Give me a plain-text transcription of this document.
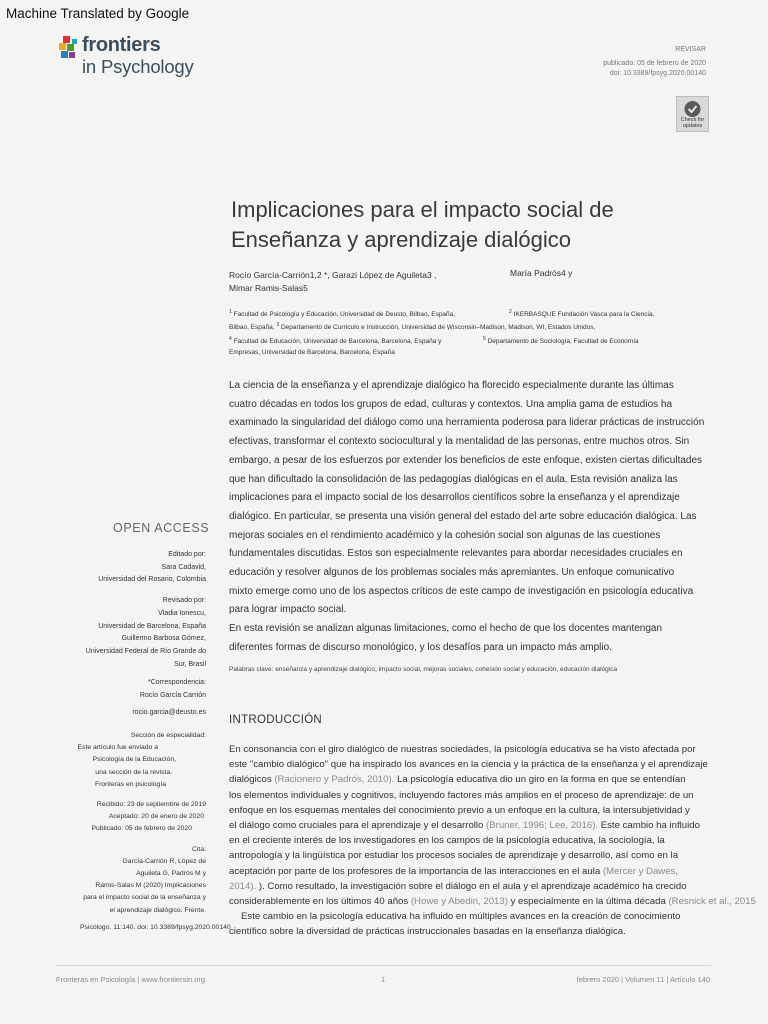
Machine Translated by Google
frontiers
in Psychology
REVISAR
publicado: 05 de febrero de 2020
doi: 10.3389/fpsyg.2020.00140
Check for updates
Implicaciones para el impacto social de
Enseñanza y aprendizaje dialógico
Rocío García-Carrión1,2 *, Garazi López de Aguileta3 ,	María Padrós4 y
Mimar Ramis-Salas5
$^1$ Facultad de Psicología y Educación, Universidad de Deusto, Bilbao, España,	$^2$ IKERBASQUE Fundación Vasca para la Ciencia,
Bilbao, España, $^3$ Departamento de Currículo e Instrucción, Universidad de Wisconsin–Madison, Madison, WI, Estados Unidos,
$^4$ Facultad de Educación, Universidad de Barcelona, Barcelona, España y	$^5$ Departamento de Sociología, Facultad de Economía
Empresas, Universidad de Barcelona, Barcelona, España

La ciencia de la enseñanza y el aprendizaje dialógico ha florecido especialmente durante las últimas

cuatro décadas en todos los grupos de edad, culturas y contextos. Una amplia gama de estudios ha

examinado la singularidad del diálogo como una herramienta poderosa para liderar prácticas de instrucción

efectivas, transformar el contexto sociocultural y la mentalidad de las personas, entre muchos otros. Sin

embargo, a pesar de los esfuerzos por extender los beneficios de este enfoque, existen ciertas dificultades

que han dificultado la consolidación de las pedagogías dialógicas en el aula. Esta revisión analiza las

implicaciones para el impacto social de los desarrollos científicos sobre la enseñanza y el aprendizaje

dialógico. En particular, se presenta una visión general del estado del arte sobre educación dialógica. Las

mejoras sociales en el rendimiento académico y la cohesión social son algunas de las cuestiones

fundamentales discutidas. Estos son especialmente relevantes para abordar necesidades cruciales en

educación y resolver algunos de los problemas sociales más apremiantes. Un enfoque comunicativo

mixto emerge como uno de los aspectos críticos de este campo de investigación en psicología educativa

para lograr impacto social.

En esta revisión se analizan algunas limitaciones, como el hecho de que los docentes mantengan

diferentes formas de discurso monológico, y los desafíos para un impacto más amplio.

Palabras clave: enseñanza y aprendizaje dialógico, impacto social, mejoras sociales, cohesión social y educación, educación dialógica
INTRODUCCIÓN
En consonancia con el giro dialógico de nuestras sociedades, la psicología educativa se ha visto afectada por
este "cambio dialógico" que ha inspirado los avances en la ciencia y la práctica de la enseñanza y el aprendizaje
dialógicos (Racionero y Padrós, 2010). La psicología educativa dio un giro en la forma en que se entendían
los elementos individuales y cognitivos, incluyendo factores más amplios en el proceso de aprendizaje: de un
enfoque en los esquemas mentales del conocimiento previo a un enfoque en la cultura, la intersubjetividad y
el diálogo como cruciales para el aprendizaje y el desarrollo (Bruner, 1996; Lee, 2016). Este cambio ha influido
en el creciente interés de los investigadores en los campos de la psicología educativa, la sociología, la
antropología y la lingüística por estudiar los procesos sociales de aprendizaje y desarrollo, así como en la
aceptación por parte de los profesores de la importancia de las interacciones en el aula (Mercer y Dawes,
2014). ). Como resultado, la investigación sobre el diálogo en el aula y el aprendizaje académico ha crecido
considerablemente en los últimos 40 años (Howe y Abedin, 2013) y especialmente en la última década (Resnick et al., 2015
Este cambio en la psicología educativa ha influido en múltiples avances en la creación de conocimiento
científico sobre la diversidad de prácticas instruccionales basadas en la enseñanza dialógica.
OPEN ACCESS
Editado por:
Sara Cadavid,
Universidad del Rosario, Colombia
Revisado por:
Vladia Ionescu,
Universidad de Barcelona, España
Guillermo Barbosa Gómez,
Universidad Federal de Río Grande do
Sur, Brasil
*Correspondencia:
Rocío García Carrión
rocio.garcia@deusto.es
Sección de especialidad:
Este artículo fue enviado a
Psicología de la Educación,
una sección de la revista.
Fronteras en psicología
Recibido: 23 de septiembre de 2019
Aceptado: 20 de enero de 2020
Publicado: 05 de febrero de 2020
Cita:
García-Carrión R, López de
Aguileta G, Padrós M y
Ramis-Salas M (2020) Implicaciones
para el impacto social de la enseñanza y
el aprendizaje dialógico. Frente.
Psicólogo. 11:140. doi: 10.3389/fpsyg.2020.00140
Fronteras en Psicología | www.frontiersin.org	1	febrero 2020 | Volumen 11 | Artículo 140
